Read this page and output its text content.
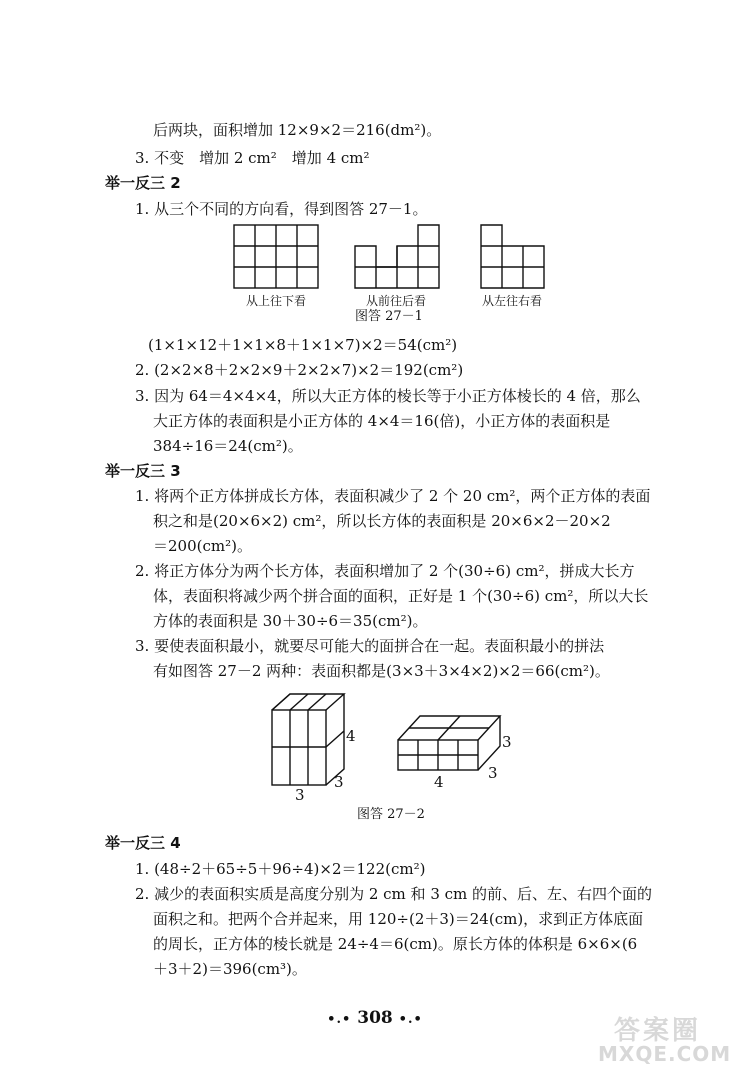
后两块，面积增加 12×9×2＝216(dm²)。
3. 不变　增加 2 cm²　增加 4 cm²
举一反三 2
1. 从三个不同的方向看，得到图答 27－1。
从上往下看	从前往后看	从左往右看
图答 27－1
(1×1×12＋1×1×8＋1×1×7)×2＝54(cm²)
2. (2×2×8＋2×2×9＋2×2×7)×2＝192(cm²)
3. 因为 64＝4×4×4，所以大正方体的棱长等于小正方体棱长的 4 倍，那么
大正方体的表面积是小正方体的 4×4＝16(倍)，小正方体的表面积是
384÷16＝24(cm²)。
举一反三 3
1. 将两个正方体拼成长方体，表面积减少了 2 个 20 cm²，两个正方体的表面
积之和是(20×6×2) cm²，所以长方体的表面积是 20×6×2－20×2
＝200(cm²)。
2. 将正方体分为两个长方体，表面积增加了 2 个(30÷6) cm²，拼成大长方
体，表面积将减少两个拼合面的面积，正好是 1 个(30÷6) cm²，所以大长
方体的表面积是 30＋30÷6＝35(cm²)。
3. 要使表面积最小，就要尽可能大的面拼合在一起。表面积最小的拼法
有如图答 27－2 两种：表面积都是(3×3＋3×4×2)×2＝66(cm²)。
4
3
3
3
4	3
图答 27－2
举一反三 4
1. (48÷2＋65÷5＋96÷4)×2＝122(cm²)
2. 减少的表面积实质是高度分别为 2 cm 和 3 cm 的前、后、左、右四个面的
面积之和。把两个合并起来，用 120÷(2＋3)＝24(cm)，求到正方体底面
的周长，正方体的棱长就是 24÷4＝6(cm)。原长方体的体积是 6×6×(6
＋3＋2)＝396(cm³)。
•.• 308 •.•	答案圈
MXQE.COM
